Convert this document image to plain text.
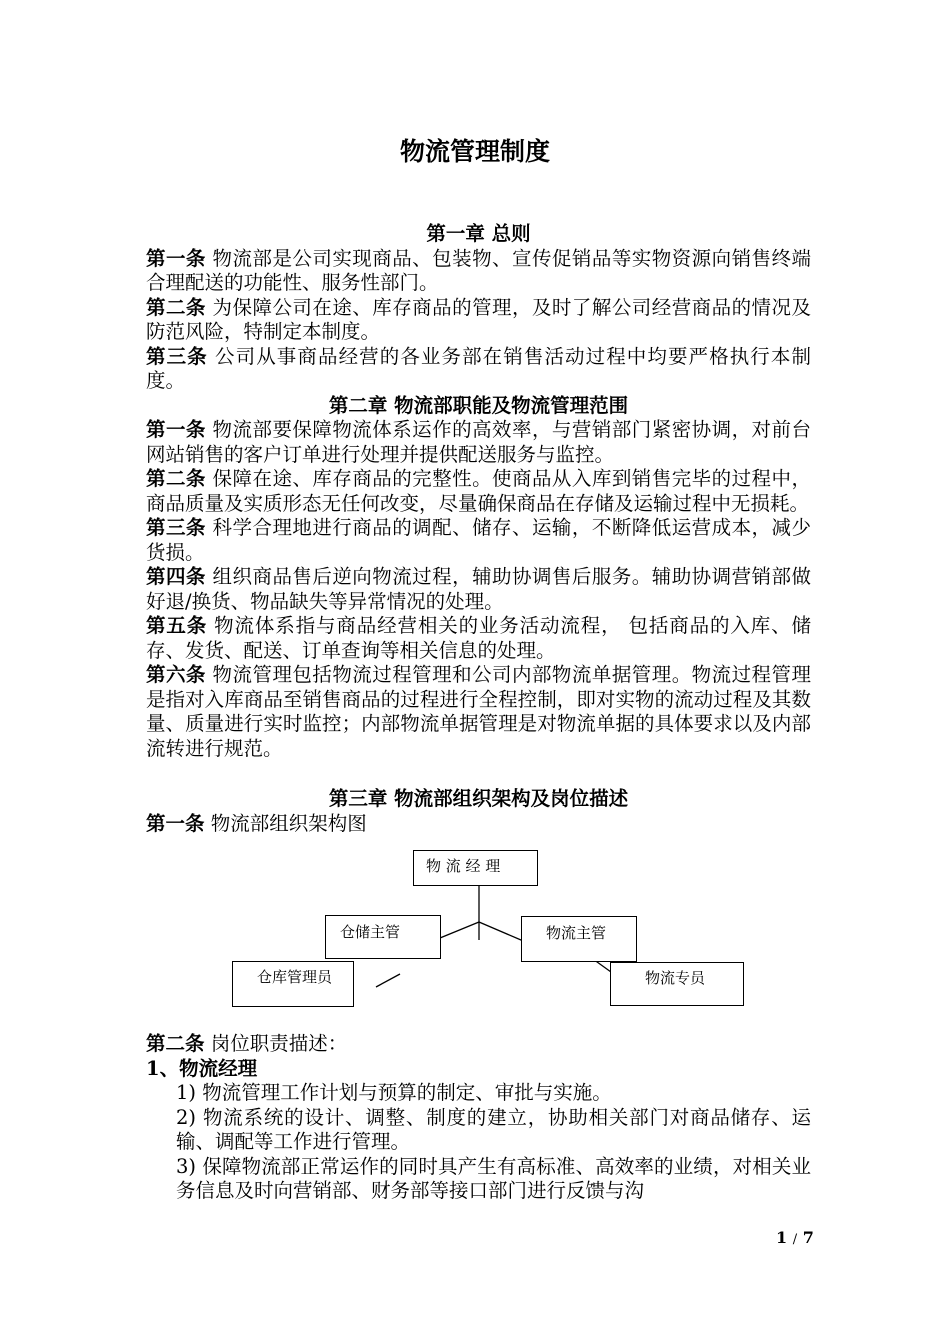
物流管理制度
第一章 总则
第一条 物流部是公司实现商品、包装物、宣传促销品等实物资源向销售终端合理配送的功能性、服务性部门。
第二条 为保障公司在途、库存商品的管理，及时了解公司经营商品的情况及防范风险，特制定本制度。
第三条 公司从事商品经营的各业务部在销售活动过程中均要严格执行本制度。
第二章 物流部职能及物流管理范围
第一条 物流部要保障物流体系运作的高效率，与营销部门紧密协调，对前台网站销售的客户订单进行处理并提供配送服务与监控。
第二条 保障在途、库存商品的完整性。使商品从入库到销售完毕的过程中，商品质量及实质形态无任何改变，尽量确保商品在存储及运输过程中无损耗。
第三条 科学合理地进行商品的调配、储存、运输，不断降低运营成本，减少货损。
第四条 组织商品售后逆向物流过程，辅助协调售后服务。辅助协调营销部做好退/换货、物品缺失等异常情况的处理。
第五条 物流体系指与商品经营相关的业务活动流程， 包括商品的入库、储存、发货、配送、订单查询等相关信息的处理。
第六条 物流管理包括物流过程管理和公司内部物流单据管理。物流过程管理是指对入库商品至销售商品的过程进行全程控制，即对实物的流动过程及其数量、质量进行实时监控；内部物流单据管理是对物流单据的具体要求以及内部流转进行规范。
第三章 物流部组织架构及岗位描述
第一条 物流部组织架构图
物 流 经 理
仓储主管	物流主管
仓库管理员	物流专员
第二条 岗位职责描述：
1、物流经理
1) 物流管理工作计划与预算的制定、审批与实施。
2) 物流系统的设计、调整、制度的建立，协助相关部门对商品储存、运输、调配等工作进行管理。
3) 保障物流部正常运作的同时具产生有高标准、高效率的业绩，对相关业务信息及时向营销部、财务部等接口部门进行反馈与沟
1 / 7
